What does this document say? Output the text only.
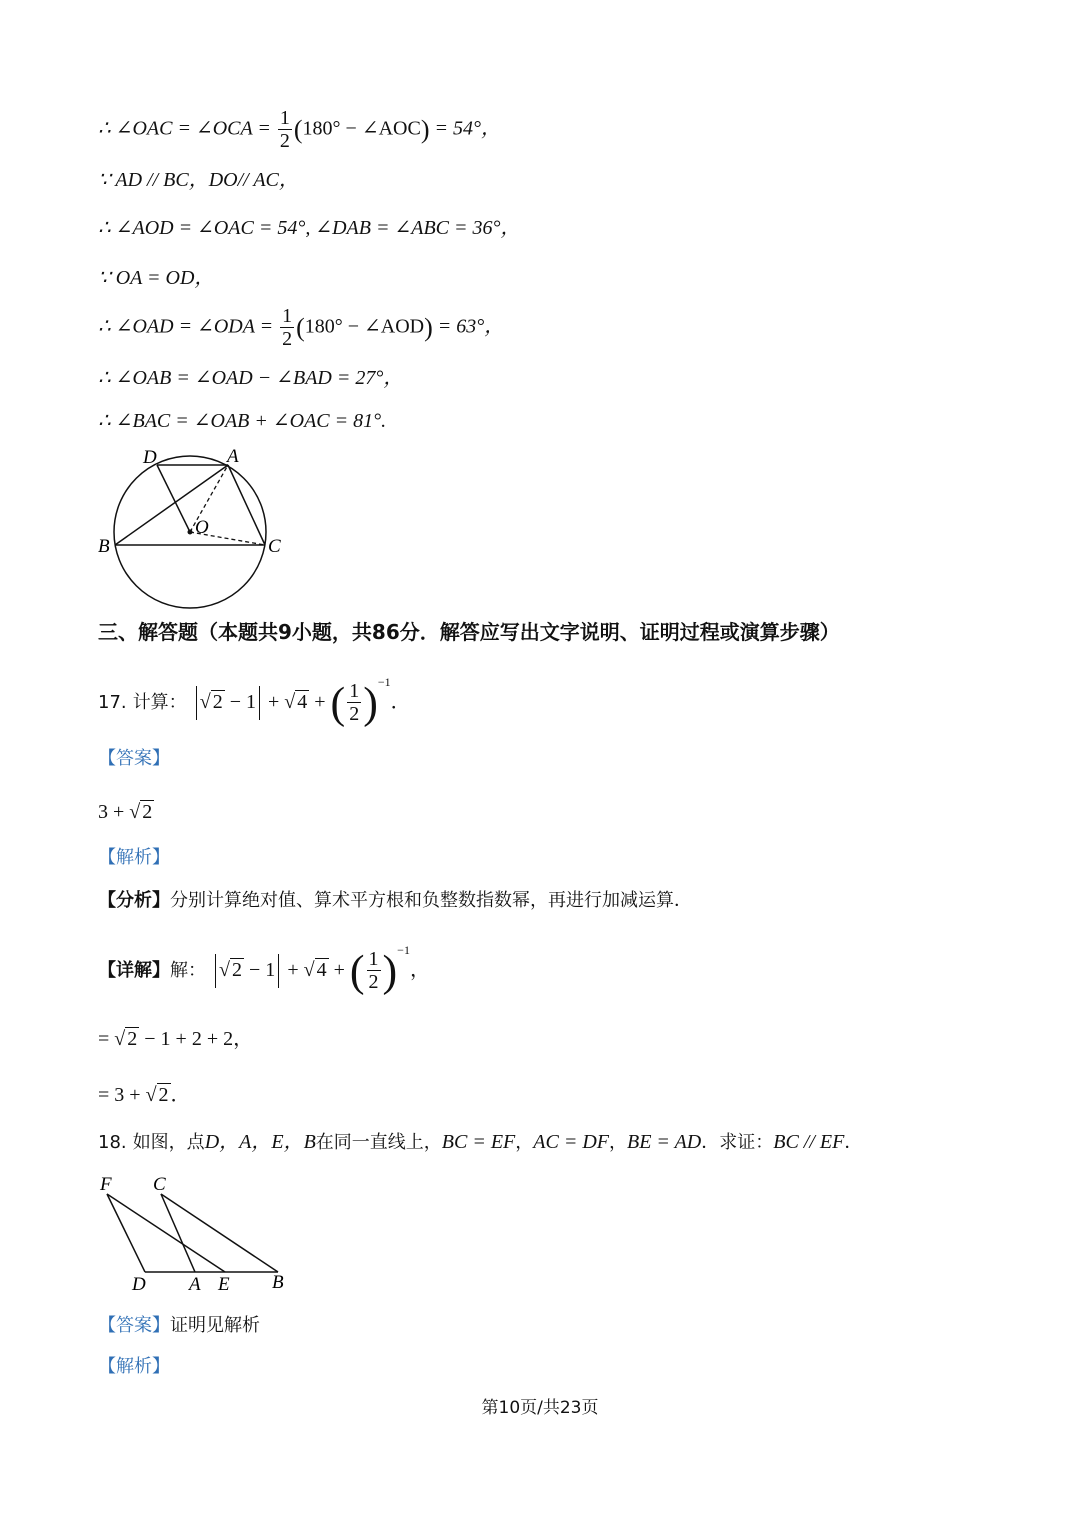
∴ ∠OAC = ∠OCA = $\frac{1}{2} (180^\circ$ − ∠AOC) = 54°，
∵ AD // BC，DO// AC，
∴ ∠AOD = ∠OAC = 54°, ∠DAB = ∠ABC = 36°，
∵ OA = OD，
∴ ∠OAD = ∠ODA = $\frac{1}{2} (180^\circ$ − ∠AOD) = 63°，
∴ ∠OAB = ∠OAD − ∠BAD = 27°，
∴ ∠BAC = ∠OAB + ∠OAC = 81°.
D	A
O
B	C
三、解答题（本题共9小题，共86分．解答应写出文字说明、证明过程或演算步骤）
17. 计算： √ 2 − 1 + √ 4 + ( $\frac{1}{2} )^{-1}$．
【答案】
3 + √ 2
【解析】
【分析】分别计算绝对值、算术平方根和负整数指数幂，再进行加减运算．
【详解】解： √ 2 − 1 + √ 4 + ( $\frac{1}{2} )^{-1}$，
= √ 2 − 1 + 2 + 2，
= 3 + √ 2 ．
18. 如图，点D，A，E，B在同一直线上，BC = EF，AC = DF，BE = AD．求证：BC // EF．
F C
D A E B
【答案】证明见解析
【解析】
第10页/共23页
